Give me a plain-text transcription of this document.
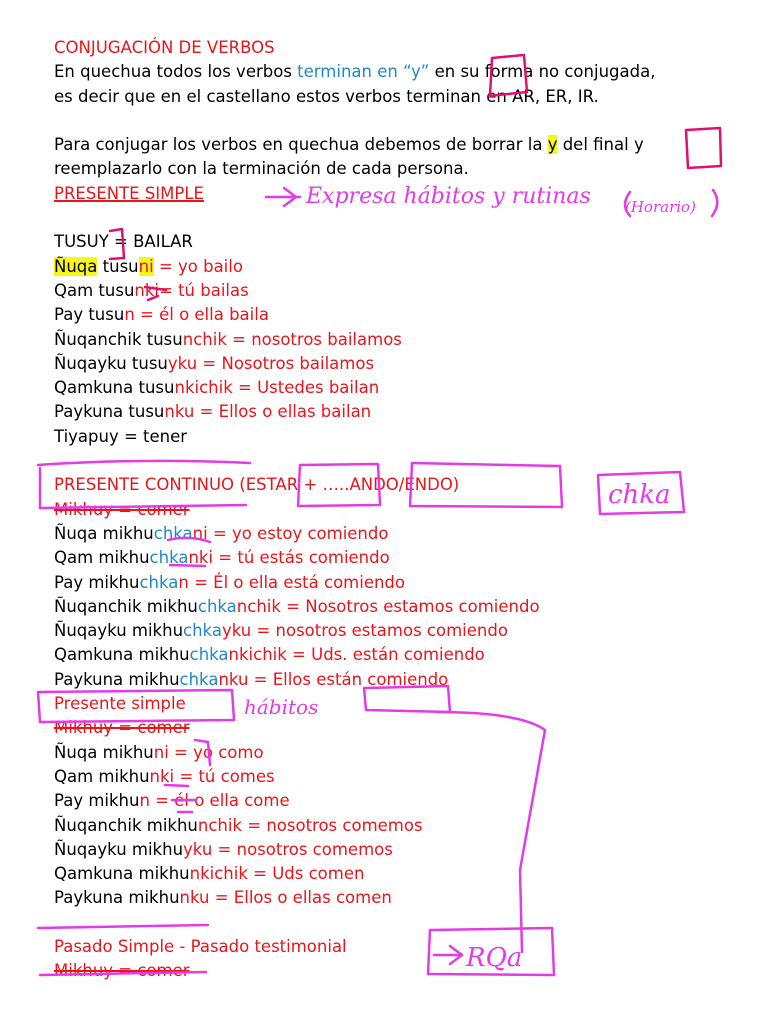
CONJUGACIÓN DE VERBOS
En quechua todos los verbos terminan en “y” en su forma no conjugada,
es decir que en el castellano estos verbos terminan en AR, ER, IR.
Para conjugar los verbos en quechua debemos de borrar la y del final y
reemplazarlo con la terminación de cada persona.
PRESENTE SIMPLE
TUSUY = BAILAR
Ñuqa tusuni = yo bailo
Qam tusunki= tú bailas
Pay tusun = él o ella baila
Ñuqanchik tusunchik = nosotros bailamos
Ñuqayku tusuyku = Nosotros bailamos
Qamkuna tusunkichik = Ustedes bailan
Paykuna tusunku = Ellos o ellas bailan
Tiyapuy = tener
PRESENTE CONTINUO (ESTAR + …..ANDO/ENDO)
Mikhuy = comer
Ñuqa mikhuchkani = yo estoy comiendo
Qam mikhuchkanki = tú estás comiendo
Pay mikhuchkan = Él o ella está comiendo
Ñuqanchik mikhuchkanchik = Nosotros estamos comiendo
Ñuqayku mikhuchkayku = nosotros estamos comiendo
Qamkuna mikhuchkankichik = Uds. están comiendo
Paykuna mikhuchkanku = Ellos están comiendo
Presente simple
Mikhuy = comer
Ñuqa mikhuni = yo como
Qam mikhunki = tú comes
Pay mikhun = él o ella come
Ñuqanchik mikhunchik = nosotros comemos
Ñuqayku mikhuyku = nosotros comemos
Qamkuna mikhunkichik = Uds comen
Paykuna mikhunku = Ellos o ellas comen
Pasado Simple - Pasado testimonial
Mikhuy = comer
Expresa hábitos y rutinas (Horario)
chka
hábitos
RQa
